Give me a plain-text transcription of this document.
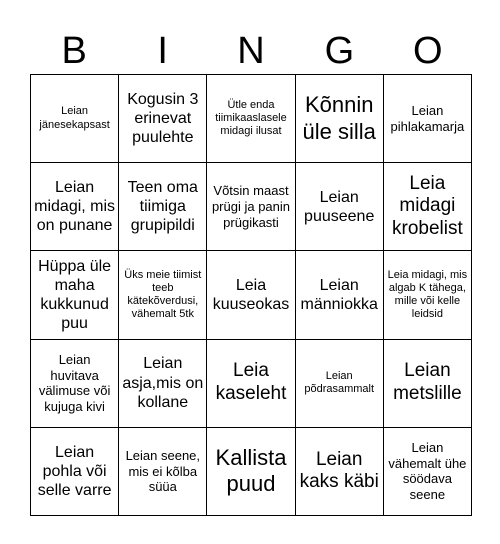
B	I	N	G	O
Leian jänesekapsast
Kogusin 3 erinevat puulehte
Ütle enda tiimikaaslasele midagi ilusat
Kõnnin üle silla
Leian pihlakamarja
Leian midagi, mis on punane
Teen oma tiimiga grupipildi
Võtsin maast prügi ja panin prügikasti
Leian puuseene
Leia midagi krobelist
Hüppa üle maha kukkunud puu
Üks meie tiimist teeb kätekõverdusi, vähemalt 5tk
Leia kuuseokas
Leian männiokka
Leia midagi, mis algab K tähega, mille või kelle leidsid
Leian huvitava välimuse või kujuga kivi
Leian asja,mis on kollane
Leia kaseleht
Leian põdrasammalt
Leian metslille
Leian pohla või selle varre
Leian seene, mis ei kõlba süüa
Kallista puud
Leian kaks käbi
Leian vähemalt ühe söödava seene
